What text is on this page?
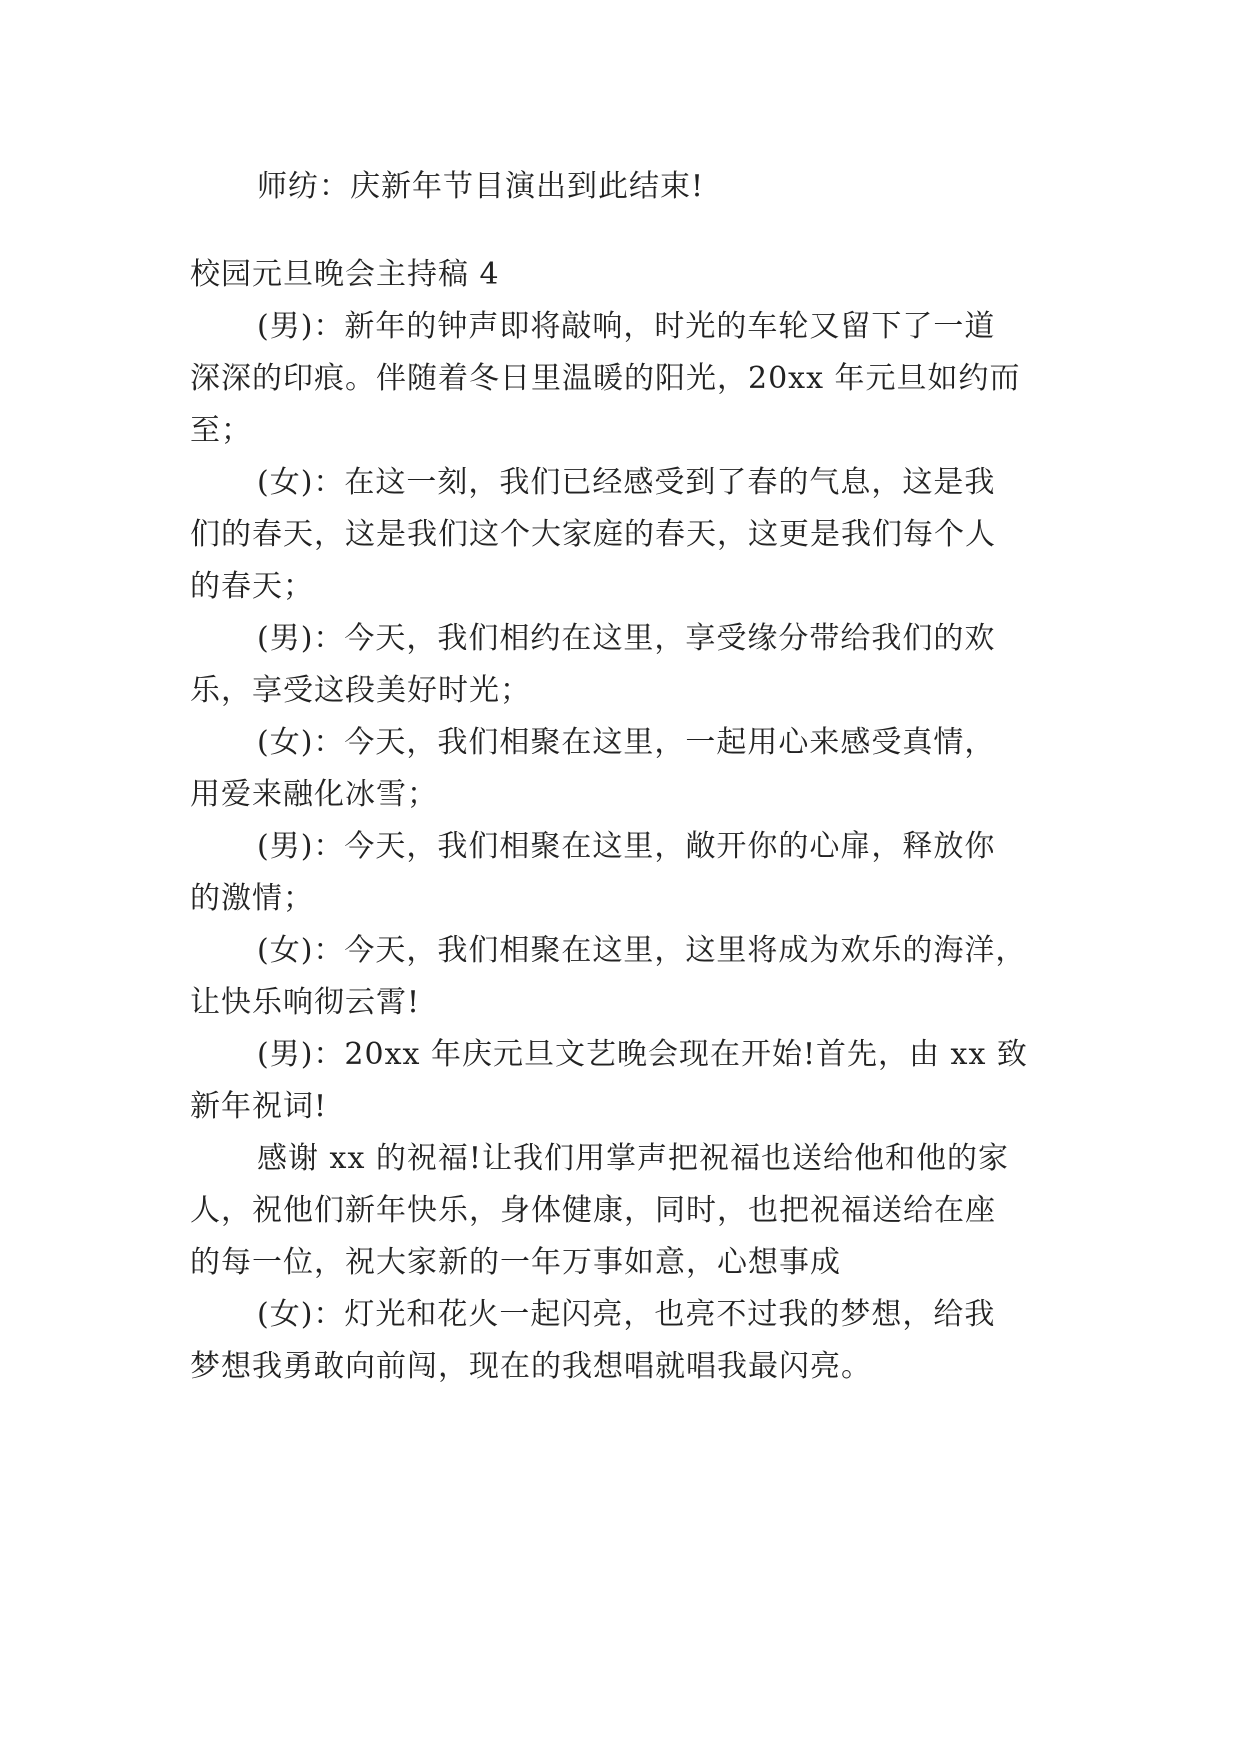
师纺：庆新年节目演出到此结束!
校园元旦晚会主持稿 4
(男)：新年的钟声即将敲响，时光的车轮又留下了一道
深深的印痕。伴随着冬日里温暖的阳光，20xx 年元旦如约而
至；
(女)：在这一刻，我们已经感受到了春的气息，这是我
们的春天，这是我们这个大家庭的春天，这更是我们每个人
的春天；
(男)：今天，我们相约在这里，享受缘分带给我们的欢
乐，享受这段美好时光；
(女)：今天，我们相聚在这里，一起用心来感受真情，
用爱来融化冰雪；
(男)：今天，我们相聚在这里，敞开你的心扉，释放你
的激情；
(女)：今天，我们相聚在这里，这里将成为欢乐的海洋，
让快乐响彻云霄!
(男)：20xx 年庆元旦文艺晚会现在开始!首先，由 xx 致
新年祝词!
感谢 xx 的祝福!让我们用掌声把祝福也送给他和他的家
人，祝他们新年快乐，身体健康，同时，也把祝福送给在座
的每一位，祝大家新的一年万事如意，心想事成
(女)：灯光和花火一起闪亮，也亮不过我的梦想，给我
梦想我勇敢向前闯，现在的我想唱就唱我最闪亮。
